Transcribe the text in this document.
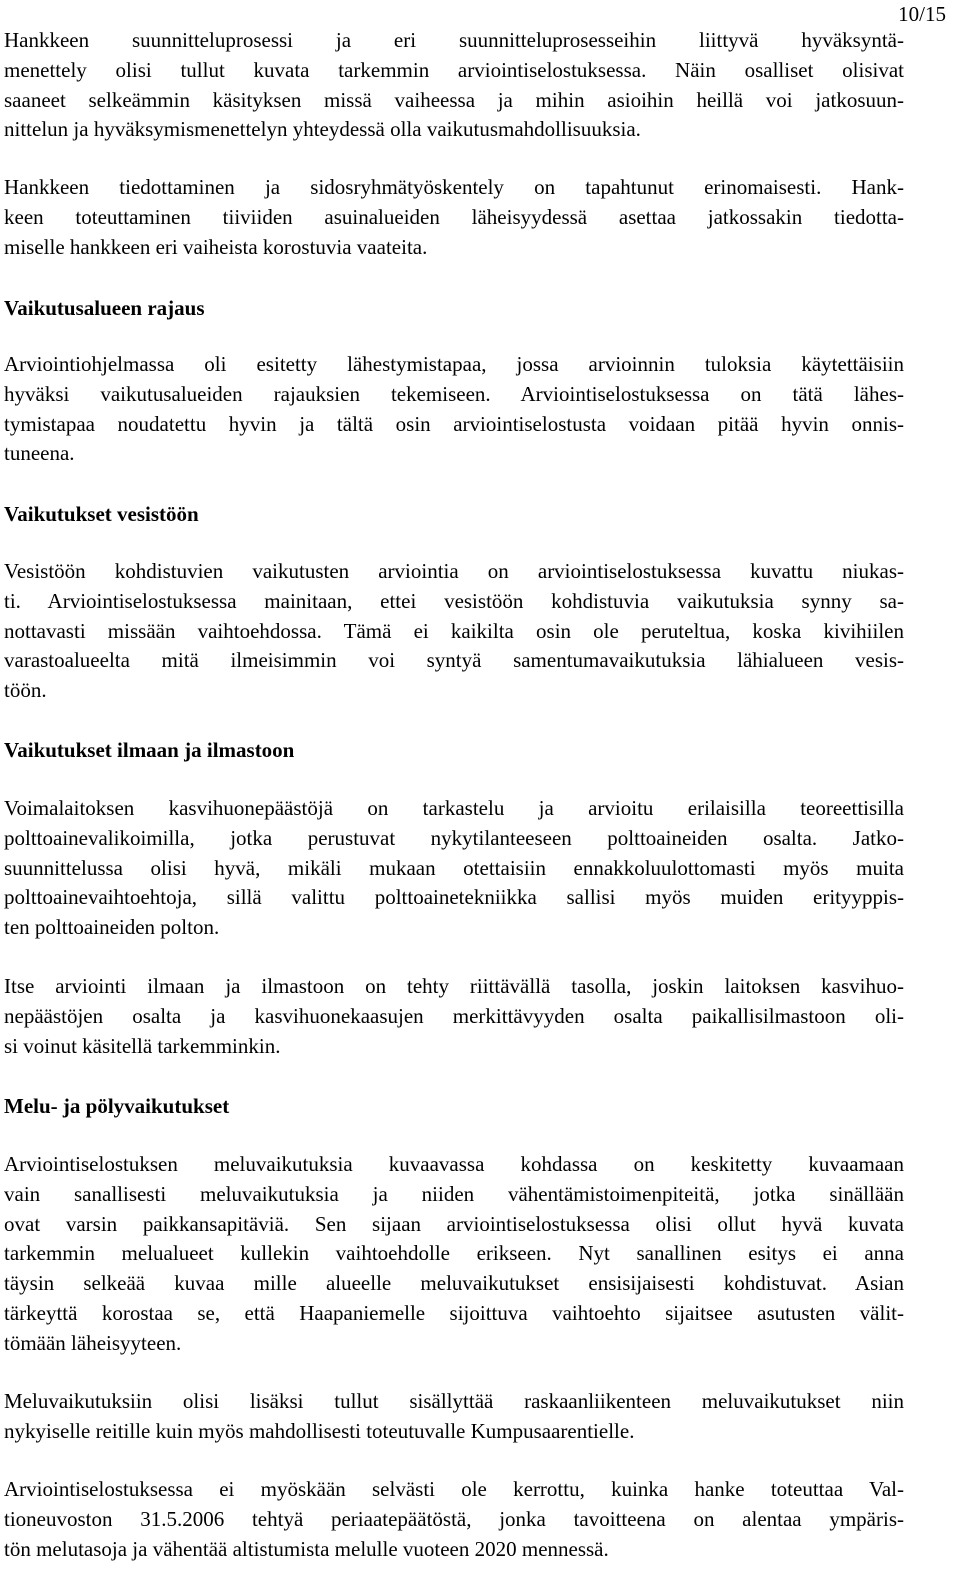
10/15
Hankkeen suunnitteluprosessi ja eri suunnitteluprosesseihin liittyvä hyväksyntä-
menettely olisi tullut kuvata tarkemmin arviointiselostuksessa. Näin osalliset olisivat
saaneet selkeämmin käsityksen missä vaiheessa ja mihin asioihin heillä voi jatkosuun-
nittelun ja hyväksymismenettelyn yhteydessä olla vaikutusmahdollisuuksia.
Hankkeen tiedottaminen ja sidosryhmätyöskentely on tapahtunut erinomaisesti. Hank-
keen toteuttaminen tiiviiden asuinalueiden läheisyydessä asettaa jatkossakin tiedotta-
miselle hankkeen eri vaiheista korostuvia vaateita.
Vaikutusalueen rajaus
Arviointiohjelmassa oli esitetty lähestymistapaa, jossa arvioinnin tuloksia käytettäisiin
hyväksi vaikutusalueiden rajauksien tekemiseen. Arviointiselostuksessa on tätä lähes-
tymistapaa noudatettu hyvin ja tältä osin arviointiselostusta voidaan pitää hyvin onnis-
tuneena.
Vaikutukset vesistöön
Vesistöön kohdistuvien vaikutusten arviointia on arviointiselostuksessa kuvattu niukas-
ti. Arviointiselostuksessa mainitaan, ettei vesistöön kohdistuvia vaikutuksia synny sa-
nottavasti missään vaihtoehdossa. Tämä ei kaikilta osin ole peruteltua, koska kivihiilen
varastoalueelta mitä ilmeisimmin voi syntyä samentumavaikutuksia lähialueen vesis-
töön.
Vaikutukset ilmaan ja ilmastoon
Voimalaitoksen kasvihuonepäästöjä on tarkastelu ja arvioitu erilaisilla teoreettisilla
polttoainevalikoimilla, jotka perustuvat nykytilanteeseen polttoaineiden osalta. Jatko-
suunnittelussa olisi hyvä, mikäli mukaan otettaisiin ennakkoluulottomasti myös muita
polttoainevaihtoehtoja, sillä valittu polttoainetekniikka sallisi myös muiden erityyppis-
ten polttoaineiden polton.
Itse arviointi ilmaan ja ilmastoon on tehty riittävällä tasolla, joskin laitoksen kasvihuo-
nepäästöjen osalta ja kasvihuonekaasujen merkittävyyden osalta paikallisilmastoon oli-
si voinut käsitellä tarkemminkin.
Melu- ja pölyvaikutukset
Arviointiselostuksen meluvaikutuksia kuvaavassa kohdassa on keskitetty kuvaamaan
vain sanallisesti meluvaikutuksia ja niiden vähentämistoimenpiteitä, jotka sinällään
ovat varsin paikkansapitäviä. Sen sijaan arviointiselostuksessa olisi ollut hyvä kuvata
tarkemmin melualueet kullekin vaihtoehdolle erikseen. Nyt sanallinen esitys ei anna
täysin selkeää kuvaa mille alueelle meluvaikutukset ensisijaisesti kohdistuvat. Asian
tärkeyttä korostaa se, että Haapaniemelle sijoittuva vaihtoehto sijaitsee asutusten välit-
tömään läheisyyteen.
Meluvaikutuksiin olisi lisäksi tullut sisällyttää raskaanliikenteen meluvaikutukset niin
nykyiselle reitille kuin myös mahdollisesti toteutuvalle Kumpusaarentielle.
Arviointiselostuksessa ei myöskään selvästi ole kerrottu, kuinka hanke toteuttaa Val-
tioneuvoston 31.5.2006 tehtyä periaatepäätöstä, jonka tavoitteena on alentaa ympäris-
tön melutasoja ja vähentää altistumista melulle vuoteen 2020 mennessä.
